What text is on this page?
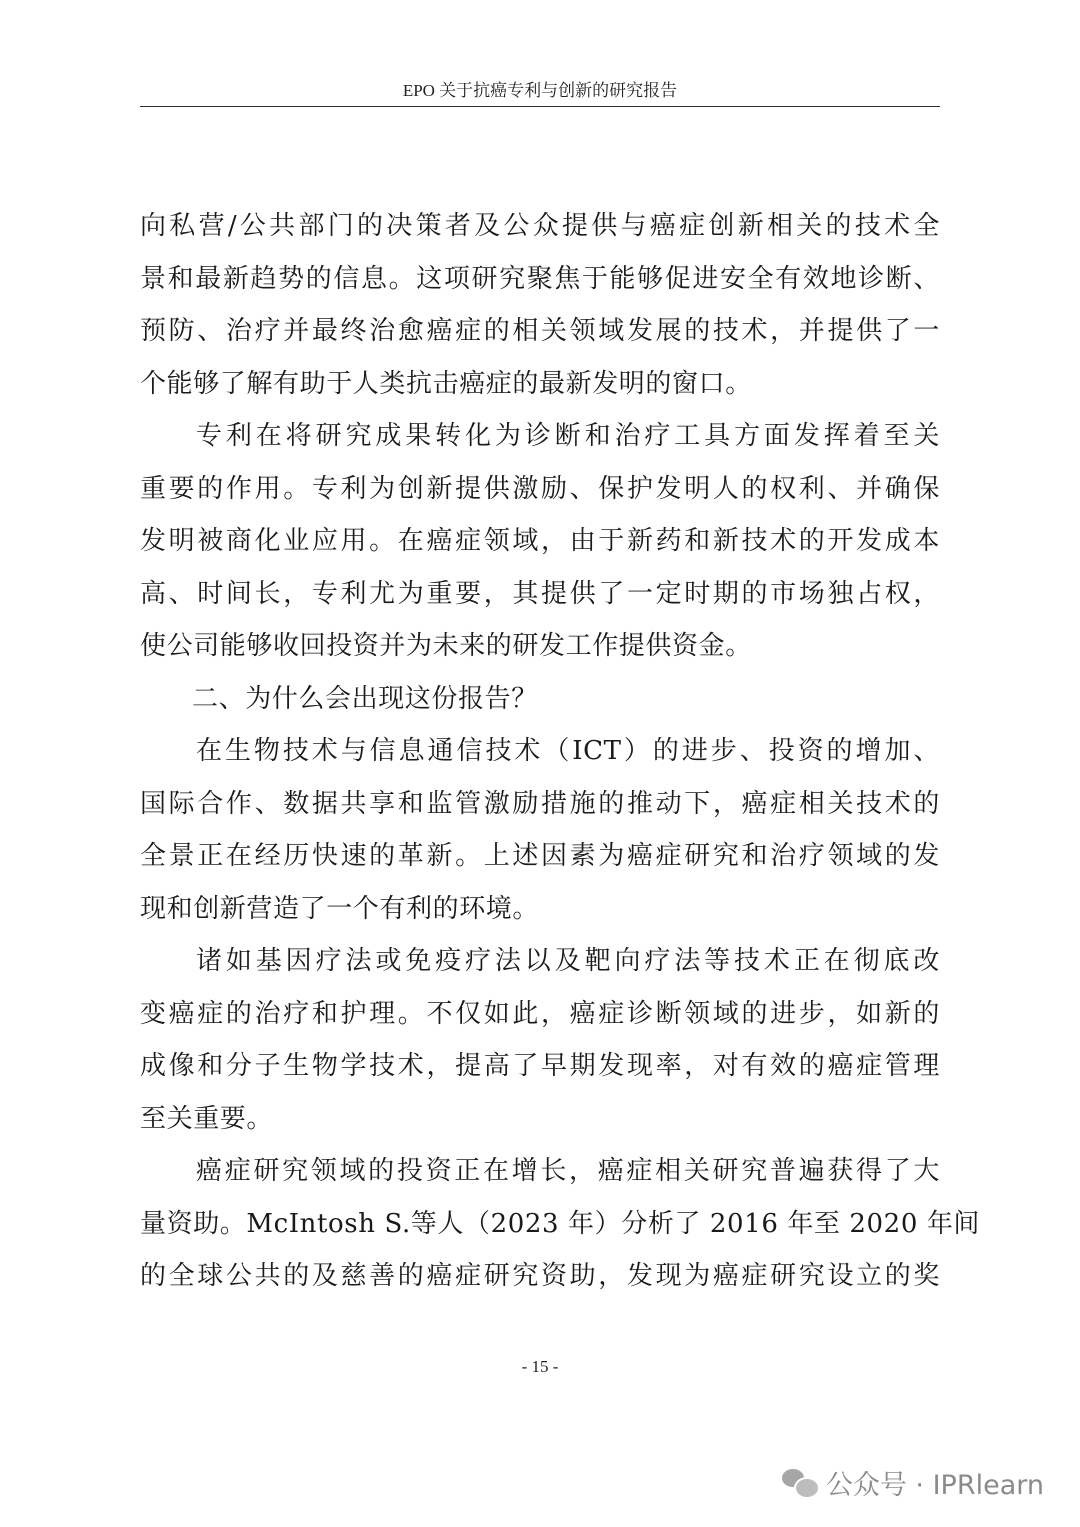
EPO 关于抗癌专利与创新的研究报告
向私营/公共部门的决策者及公众提供与癌症创新相关的技术全
景和最新趋势的信息。这项研究聚焦于能够促进安全有效地诊断、
预防、治疗并最终治愈癌症的相关领域发展的技术，并提供了一
个能够了解有助于人类抗击癌症的最新发明的窗口。
专利在将研究成果转化为诊断和治疗工具方面发挥着至关
重要的作用。专利为创新提供激励、保护发明人的权利、并确保
发明被商化业应用。在癌症领域，由于新药和新技术的开发成本
高、时间长，专利尤为重要，其提供了一定时期的市场独占权，
使公司能够收回投资并为未来的研发工作提供资金。
二、为什么会出现这份报告？
在生物技术与信息通信技术（ICT）的进步、投资的增加、
国际合作、数据共享和监管激励措施的推动下，癌症相关技术的
全景正在经历快速的革新。上述因素为癌症研究和治疗领域的发
现和创新营造了一个有利的环境。
诸如基因疗法或免疫疗法以及靶向疗法等技术正在彻底改
变癌症的治疗和护理。不仅如此，癌症诊断领域的进步，如新的
成像和分子生物学技术，提高了早期发现率，对有效的癌症管理
至关重要。
癌症研究领域的投资正在增长，癌症相关研究普遍获得了大
量资助。McIntosh S.等人（2023 年）分析了 2016 年至 2020 年间
的全球公共的及慈善的癌症研究资助，发现为癌症研究设立的奖
- 15 -
公众号 · IPRlearn
